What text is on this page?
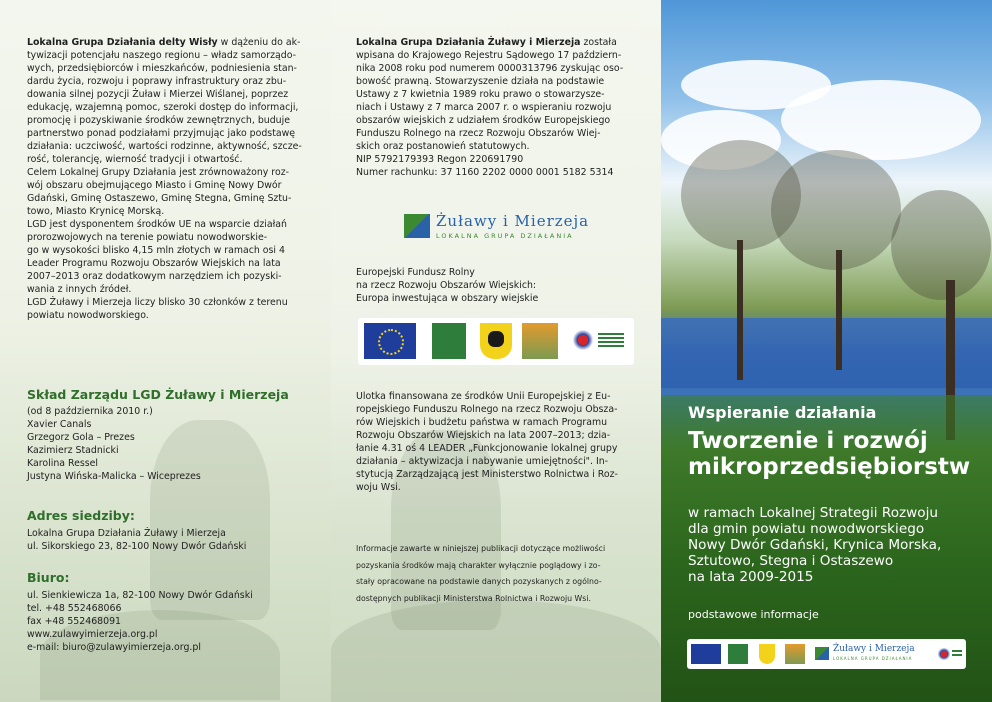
Lokalna Grupa Działania delty Wisły w dążeniu do ak-
tywizacji potencjału naszego regionu – władz samorządo-
wych, przedsiębiorców i mieszkańców, podniesienia stan-
dardu życia, rozwoju i poprawy infrastruktury oraz zbu-
dowania silnej pozycji Żuław i Mierzei Wiślanej, poprzez
edukację, wzajemną pomoc, szeroki dostęp do informacji,
promocję i pozyskiwanie środków zewnętrznych, buduje
partnerstwo ponad podziałami przyjmując jako podstawę
działania: uczciwość, wartości rodzinne, aktywność, szcze-
rość, tolerancję, wierność tradycji i otwartość.
Celem Lokalnej Grupy Działania jest zrównoważony roz-
wój obszaru obejmującego Miasto i Gminę Nowy Dwór
Gdański, Gminę Ostaszewo, Gminę Stegna, Gminę Sztu-
towo, Miasto Krynicę Morską.
LGD jest dysponentem środków UE na wsparcie działań
prorozwojowych na terenie powiatu nowodworskie-
go w wysokości blisko 4,15 mln złotych w ramach osi 4
Leader Programu Rozwoju Obszarów Wiejskich na lata
2007–2013 oraz dodatkowym narzędziem ich pozyski-
wania z innych źródeł.
LGD Żuławy i Mierzeja liczy blisko 30 członków z terenu
powiatu nowodworskiego.
Skład Zarządu LGD Żuławy i Mierzeja
(od 8 października 2010 r.)
Xavier Canals
Grzegorz Gola – Prezes
Kazimierz Stadnicki
Karolina Ressel
Justyna Wińska-Malicka – Wiceprezes
Adres siedziby:
Lokalna Grupa Działania Żuławy i Mierzeja
ul. Sikorskiego 23, 82-100 Nowy Dwór Gdański
Biuro:
ul. Sienkiewicza 1a, 82-100 Nowy Dwór Gdański
tel. +48 552468066
fax +48 552468091
www.zulawyimierzeja.org.pl
e-mail: biuro@zulawyimierzeja.org.pl
Lokalna Grupa Działania Żuławy i Mierzeja została
wpisana do Krajowego Rejestru Sądowego 17 październ-
nika 2008 roku pod numerem 0000313796 zyskując oso-
bowość prawną. Stowarzyszenie działa na podstawie
Ustawy z 7 kwietnia 1989 roku prawo o stowarzysze-
niach i Ustawy z 7 marca 2007 r. o wspieraniu rozwoju
obszarów wiejskich z udziałem środków Europejskiego
Funduszu Rolnego na rzecz Rozwoju Obszarów Wiej-
skich oraz postanowień statutowych.
NIP 5792179393 Regon 220691790
Numer rachunku: 37 1160 2202 0000 0001 5182 5314
Żuławy i Mierzeja
LOKALNA GRUPA DZIAŁANIA
Europejski Fundusz Rolny
na rzecz Rozwoju Obszarów Wiejskich:
Europa inwestująca w obszary wiejskie
Ulotka finansowana ze środków Unii Europejskiej z Eu-
ropejskiego Funduszu Rolnego na rzecz Rozwoju Obsza-
rów Wiejskich i budżetu państwa w ramach Programu
Rozwoju Obszarów Wiejskich na lata 2007–2013; dzia-
łanie 4.31 oś 4 LEADER „Funkcjonowanie lokalnej grupy
działania – aktywizacja i nabywanie umiejętności". In-
stytucją Zarządzającą jest Ministerstwo Rolnictwa i Roz-
woju Wsi.
Informacje zawarte w niniejszej publikacji dotyczące możliwości
pozyskania środków mają charakter wyłącznie poglądowy i zo-
stały opracowane na podstawie danych pozyskanych z ogólno-
dostępnych publikacji Ministerstwa Rolnictwa i Rozwoju Wsi.
Wspieranie działania
Tworzenie i rozwój
mikroprzedsiębiorstw
w ramach Lokalnej Strategii Rozwoju
dla gmin powiatu nowodworskiego
Nowy Dwór Gdański, Krynica Morska,
Sztutowo, Stegna i Ostaszewo
na lata 2009-2015
podstawowe informacje
Żuławy i Mierzeja
LOKALNA GRUPA DZIAŁANIA
